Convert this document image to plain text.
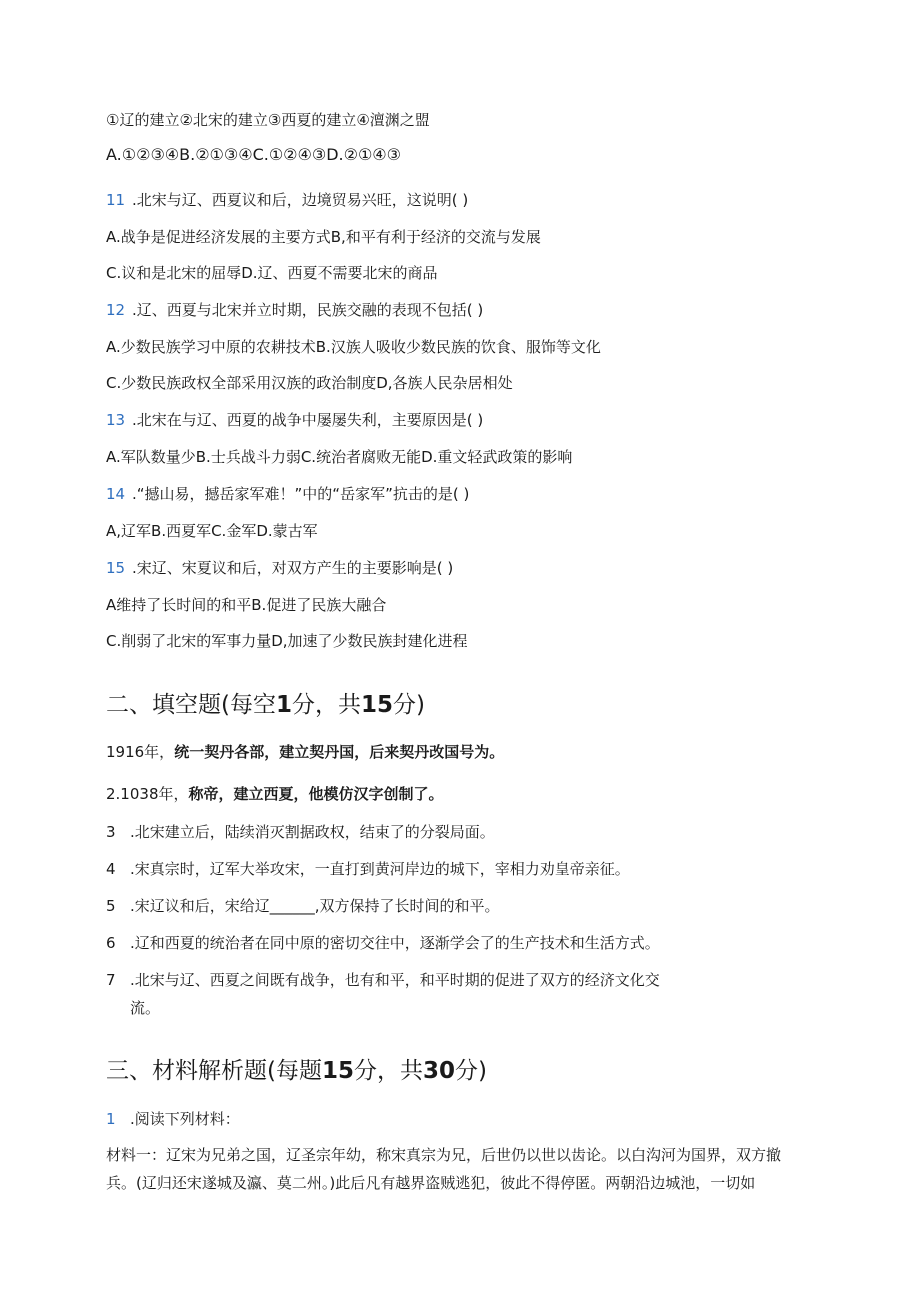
①辽的建立②北宋的建立③西夏的建立④澶渊之盟
A.①②③④B.②①③④C.①②④③D.②①④③
11 .北宋与辽、西夏议和后，边境贸易兴旺，这说明( )
A.战争是促进经济发展的主要方式B,和平有利于经济的交流与发展
C.议和是北宋的屈辱D.辽、西夏不需要北宋的商品
12 .辽、西夏与北宋并立时期，民族交融的表现不包括( )
A.少数民族学习中原的农耕技术B.汉族人吸收少数民族的饮食、服饰等文化
C.少数民族政权全部采用汉族的政治制度D,各族人民杂居相处
13 .北宋在与辽、西夏的战争中屡屡失利，主要原因是( )
A.军队数量少B.士兵战斗力弱C.统治者腐败无能D.重文轻武政策的影响
14 .“撼山易，撼岳家军难！”中的“岳家军”抗击的是( )
A,辽军B.西夏军C.金军D.蒙古军
15 .宋辽、宋夏议和后，对双方产生的主要影响是( )
A维持了长时间的和平B.促进了民族大融合
C.削弱了北宋的军事力量D,加速了少数民族封建化进程
二、填空题(每空1分，共15分)
1916年，统一契丹各部，建立契丹国，后来契丹改国号为。
2.1038年，称帝，建立西夏，他模仿汉字创制了。
3 .北宋建立后，陆续消灭割据政权，结束了的分裂局面。
4 .宋真宗时，辽军大举攻宋，一直打到黄河岸边的城下，宰相力劝皇帝亲征。
5 .宋辽议和后，宋给辽______,双方保持了长时间的和平。
6 .辽和西夏的统治者在同中原的密切交往中，逐渐学会了的生产技术和生活方式。
7 .北宋与辽、西夏之间既有战争，也有和平，和平时期的促进了双方的经济文化交
流。
三、材料解析题(每题15分，共30分)
1 .阅读下列材料：
材料一：辽宋为兄弟之国，辽圣宗年幼，称宋真宗为兄，后世仍以世以齿论。以白沟河为国界，双方撤兵。(辽归还宋遂城及瀛、莫二州。)此后凡有越界盗贼逃犯，彼此不得停匿。两朝沿边城池，一切如
